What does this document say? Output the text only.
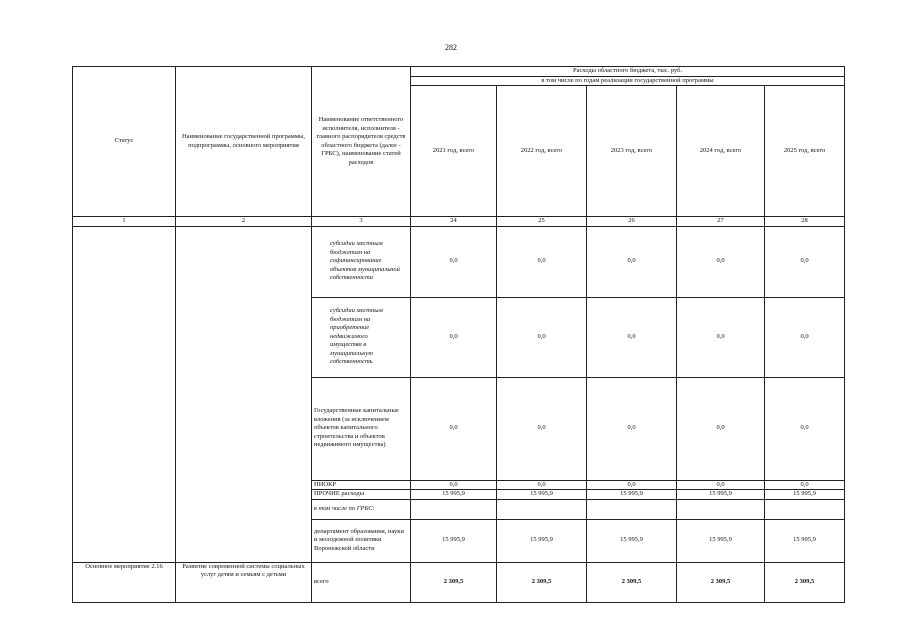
282
Статус	Наименование государственной программы, подпрограммы, основного мероприятия	Наименование ответственного исполнителя, исполнителя - главного распорядителя средств областного бюджета (далее - ГРБС), наименование статей расходов	Расходы областного бюджета, тыс. руб.				
			в том числе по годам реализации государственной программы				
			2021 год, всего	2022 год, всего	2023 год, всего	2024 год, всего	2025 год, всего
1	2	3	24	25	26	27	28
		субсидии местным бюджетам на софинансирование объектов муниципальной собственности	0,0	0,0	0,0	0,0	0,0
		субсидии местным бюджетам на приобретение недвижимого имущества в муниципальную собственность	0,0	0,0	0,0	0,0	0,0
		Государственные капитальные вложения (за исключением объектов капитального строительства и объектов недвижимого имущества)	0,0	0,0	0,0	0,0	0,0
		НИОКР	0,0	0,0	0,0	0,0	0,0
		ПРОЧИЕ расходы	15 995,9	15 995,9	15 995,9	15 995,9	15 995,9
		в том числе по ГРБС:					
		департамент образования, науки и молодежной политики Воронежской области	15 995,9	15 995,9	15 995,9	15 995,9	15 995,9
Основное мероприятие 2.16	Развитие современной системы социальных услуг детям и семьям с детьми	всего	2 309,5	2 309,5	2 309,5	2 309,5	2 309,5
